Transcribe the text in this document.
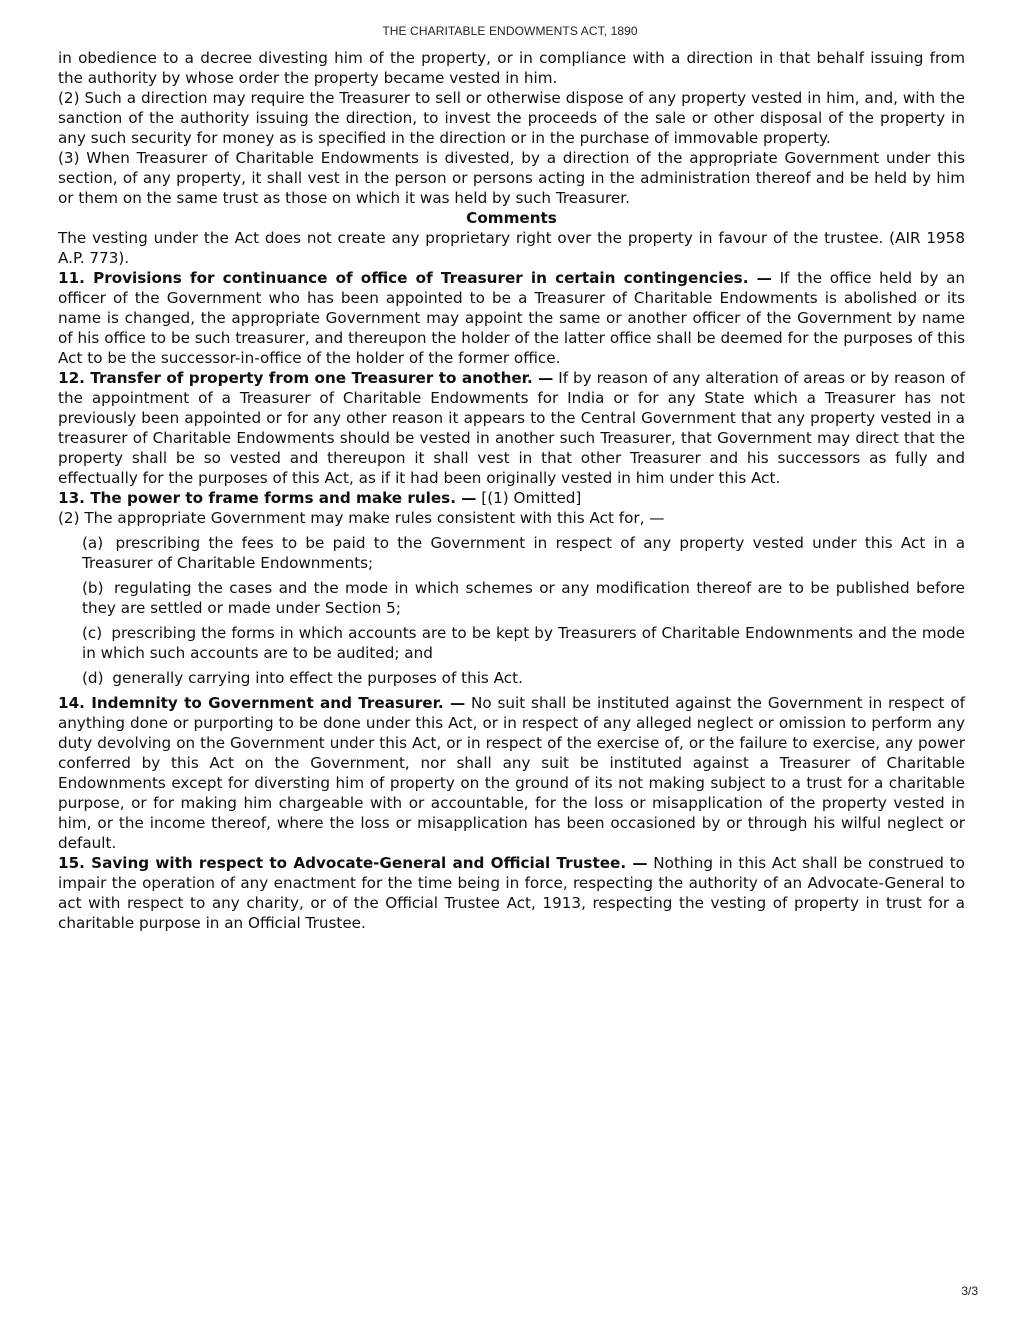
THE CHARITABLE ENDOWMENTS ACT, 1890

in obedience to a decree divesting him of the property, or in compliance with a direction in that behalf issuing from the authority by whose order the property became vested in him.

(2) Such a direction may require the Treasurer to sell or otherwise dispose of any property vested in him, and, with the sanction of the authority issuing the direction, to invest the proceeds of the sale or other disposal of the property in any such security for money as is specified in the direction or in the purchase of immovable property.

(3) When Treasurer of Charitable Endowments is divested, by a direction of the appropriate Government under this section, of any property, it shall vest in the person or persons acting in the administration thereof and be held by him or them on the same trust as those on which it was held by such Treasurer.

Comments

The vesting under the Act does not create any proprietary right over the property in favour of the trustee. (AIR 1958 A.P. 773).

11. Provisions for continuance of office of Treasurer in certain contingencies. — If the office held by an officer of the Government who has been appointed to be a Treasurer of Charitable Endowments is abolished or its name is changed, the appropriate Government may appoint the same or another officer of the Government by name of his office to be such treasurer, and thereupon the holder of the latter office shall be deemed for the purposes of this Act to be the successor-in-office of the holder of the former office.

12. Transfer of property from one Treasurer to another. — If by reason of any alteration of areas or by reason of the appointment of a Treasurer of Charitable Endowments for India or for any State which a Treasurer has not previously been appointed or for any other reason it appears to the Central Government that any property vested in a treasurer of Charitable Endowments should be vested in another such Treasurer, that Government may direct that the property shall be so vested and thereupon it shall vest in that other Treasurer and his successors as fully and effectually for the purposes of this Act, as if it had been originally vested in him under this Act.

13. The power to frame forms and make rules. — [(1) Omitted]

(2) The appropriate Government may make rules consistent with this Act for, —

(a) prescribing the fees to be paid to the Government in respect of any property vested under this Act in a Treasurer of Charitable Endownments;

(b) regulating the cases and the mode in which schemes or any modification thereof are to be published before they are settled or made under Section 5;

(c) prescribing the forms in which accounts are to be kept by Treasurers of Charitable Endownments and the mode in which such accounts are to be audited; and

(d) generally carrying into effect the purposes of this Act.

14. Indemnity to Government and Treasurer. — No suit shall be instituted against the Government in respect of anything done or purporting to be done under this Act, or in respect of any alleged neglect or omission to perform any duty devolving on the Government under this Act, or in respect of the exercise of, or the failure to exercise, any power conferred by this Act on the Government, nor shall any suit be instituted against a Treasurer of Charitable Endownments except for diversting him of property on the ground of its not making subject to a trust for a charitable purpose, or for making him chargeable with or accountable, for the loss or misapplication of the property vested in him, or the income thereof, where the loss or misapplication has been occasioned by or through his wilful neglect or default.

15. Saving with respect to Advocate-General and Official Trustee. — Nothing in this Act shall be construed to impair the operation of any enactment for the time being in force, respecting the authority of an Advocate-General to act with respect to any charity, or of the Official Trustee Act, 1913, respecting the vesting of property in trust for a charitable purpose in an Official Trustee.

3/3
